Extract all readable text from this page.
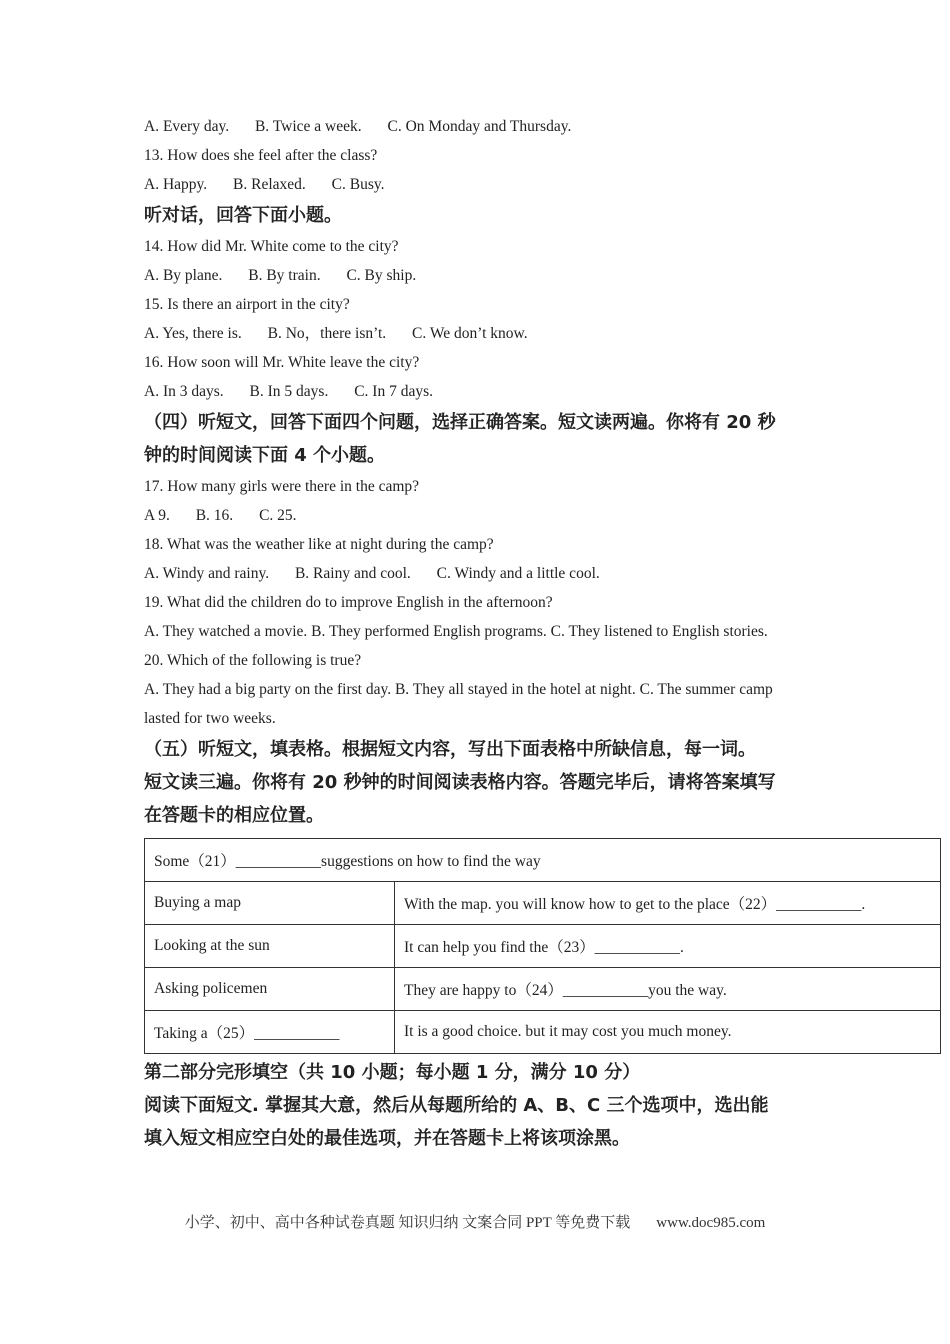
A. Every day. B. Twice a week. C. On Monday and Thursday.
13. How does she feel after the class?
A. Happy. B. Relaxed. C. Busy.
听对话，回答下面小题。
14. How did Mr. White come to the city?
A. By plane. B. By train. C. By ship.
15. Is there an airport in the city?
A. Yes, there is. B. No，there isn’t. C. We don’t know.
16. How soon will Mr. White leave the city?
A. In 3 days. B. In 5 days. C. In 7 days.
（四）听短文，回答下面四个问题，选择正确答案。短文读两遍。你将有 20 秒
钟的时间阅读下面 4 个小题。
17. How many girls were there in the camp?
A 9. B. 16. C. 25.
18. What was the weather like at night during the camp?
A. Windy and rainy. B. Rainy and cool. C. Windy and a little cool.
19. What did the children do to improve English in the afternoon?
A. They watched a movie. B. They performed English programs. C. They listened to English stories.
20. Which of the following is true?
A. They had a big party on the first day. B. They all stayed in the hotel at night. C. The summer camp lasted for two weeks.
（五）听短文，填表格。根据短文内容，写出下面表格中所缺信息，每一词。
短文读三遍。你将有 20 秒钟的时间阅读表格内容。答题完毕后，请将答案填写
在答题卡的相应位置。
Some（21）___________suggestions on how to find the way	
Buying a map	With the map. you will know how to get to the place（22）___________.
Looking at the sun	It can help you find the（23）___________.
Asking policemen	They are happy to（24）___________you the way.
Taking a（25）___________	It is a good choice. but it may cost you much money.
第二部分完形填空（共 10 小题；每小题 1 分，满分 10 分）
阅读下面短文. 掌握其大意，然后从每题所给的 A、B、C 三个选项中，选出能
填入短文相应空白处的最佳选项，并在答题卡上将该项涂黑。
小学、初中、高中各种试卷真题 知识归纳 文案合同 PPT 等免费下载 www.doc985.com
